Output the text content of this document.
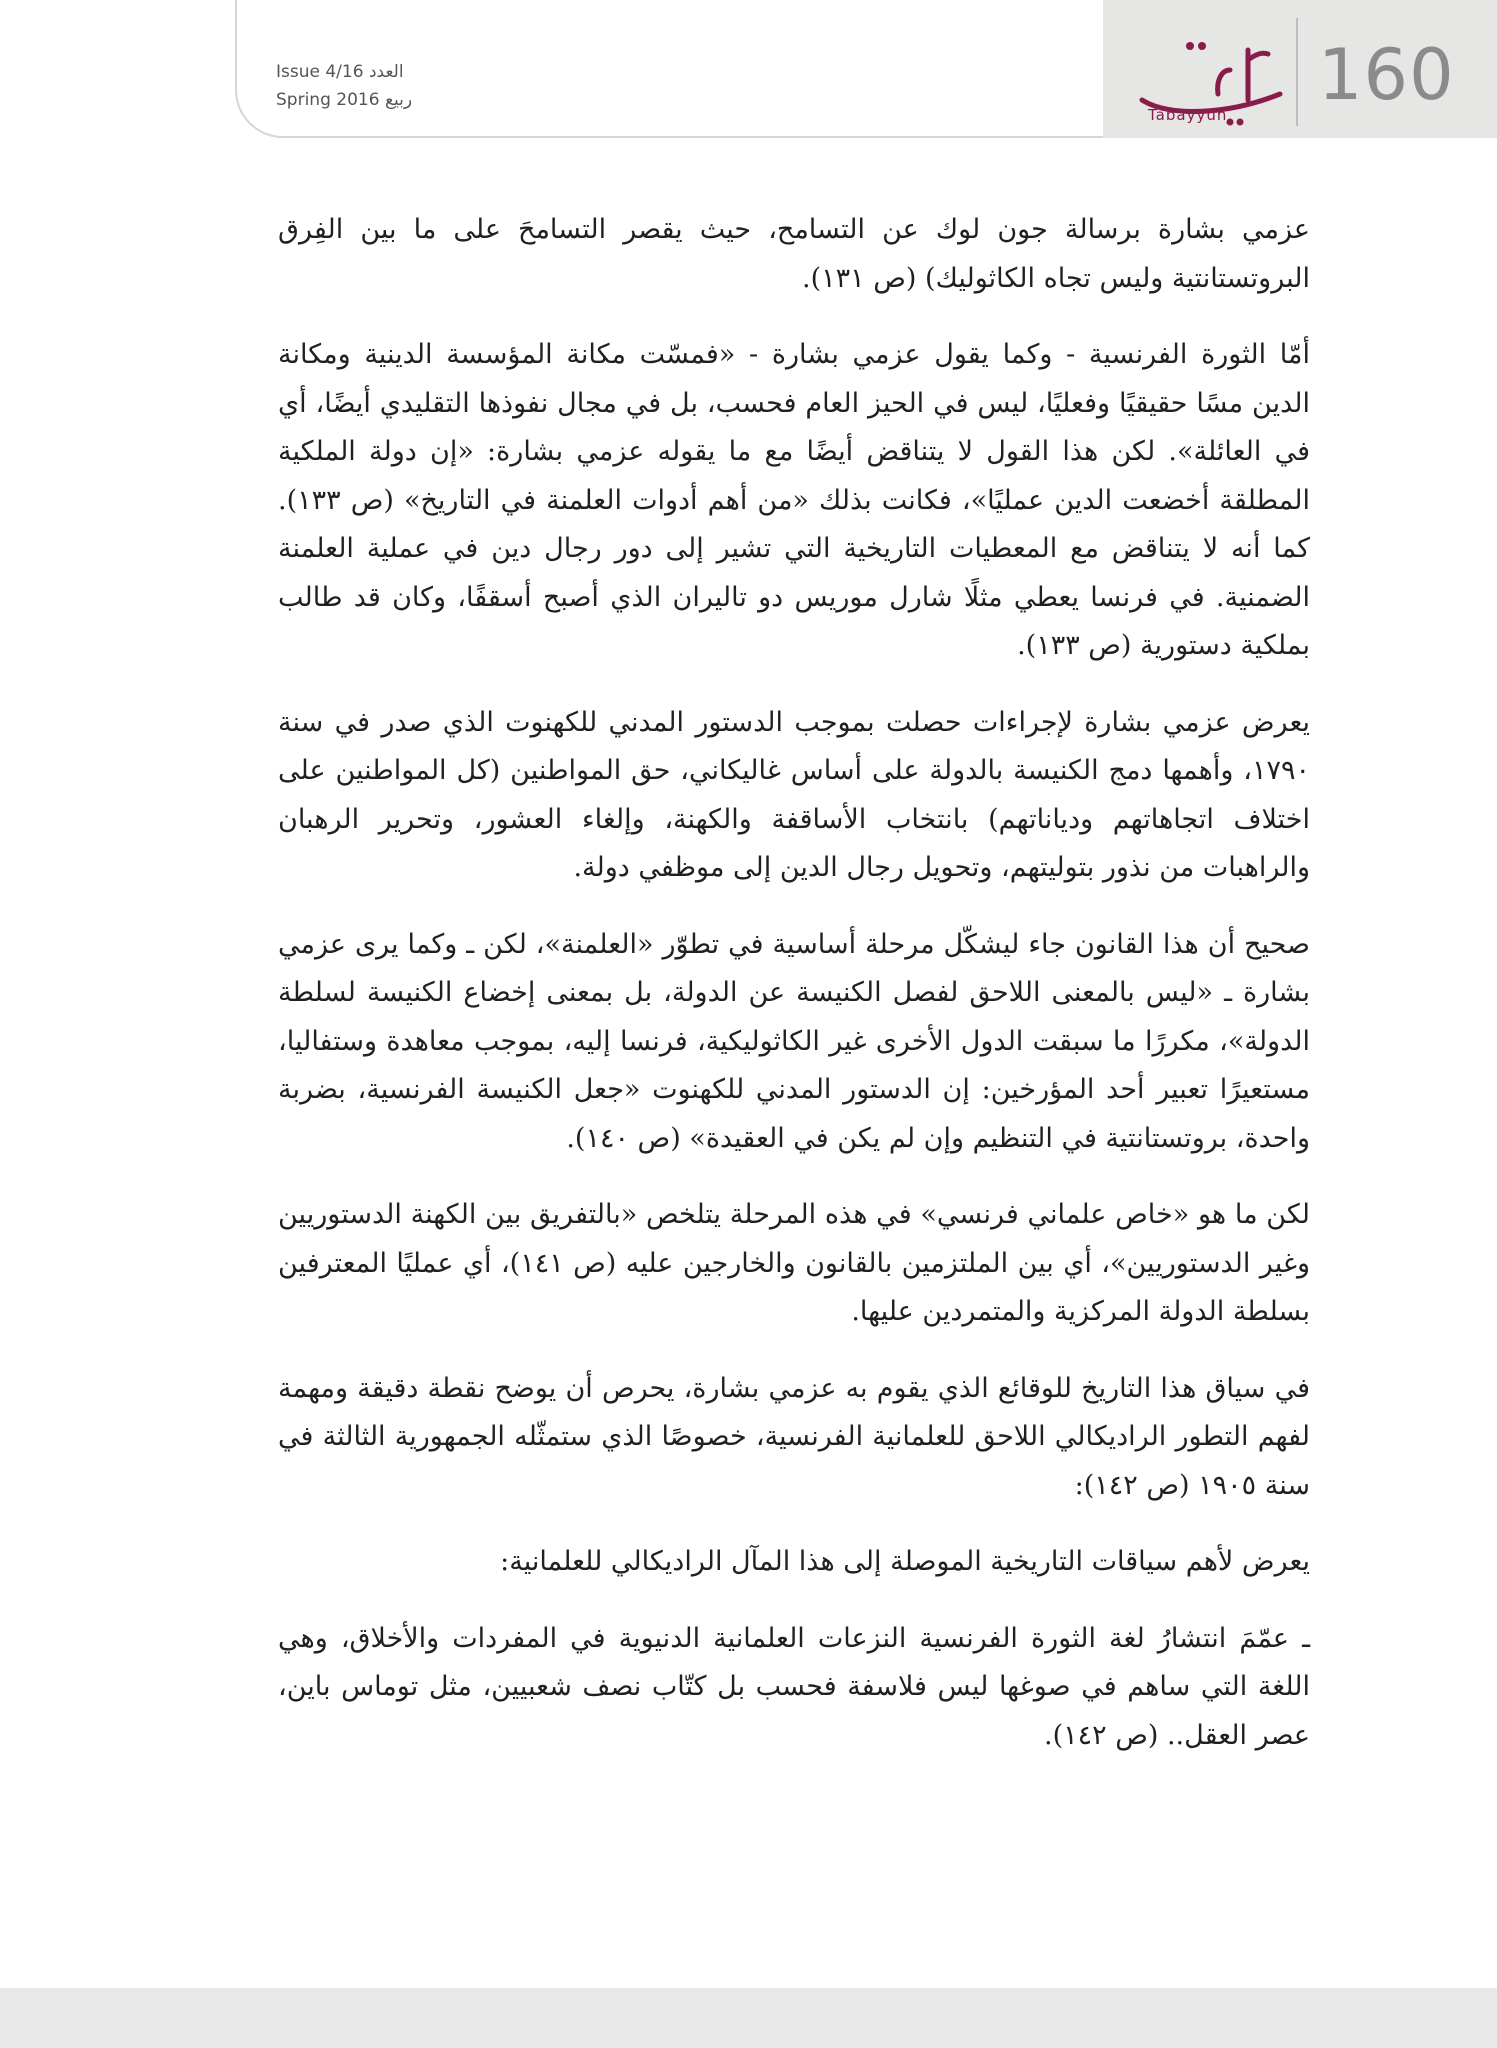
Tabayyun	160
Issue 4/16 العدد
Spring 2016 ربيع

عزمي بشارة برسالة جون لوك عن التسامح، حيث يقصر التسامحَ على ما بين الفِرق البروتستانتية وليس تجاه الكاثوليك) (ص ١٣١).

أمّا الثورة الفرنسية - وكما يقول عزمي بشارة - «فمسّت مكانة المؤسسة الدينية ومكانة الدين مسًا حقيقيًا وفعليًا، ليس في الحيز العام فحسب، بل في مجال نفوذها التقليدي أيضًا، أي في العائلة». لكن هذا القول لا يتناقض أيضًا مع ما يقوله عزمي بشارة: «إن دولة الملكية المطلقة أخضعت الدين عمليًا»، فكانت بذلك «من أهم أدوات العلمنة في التاريخ» (ص ١٣٣). كما أنه لا يتناقض مع المعطيات التاريخية التي تشير إلى دور رجال دين في عملية العلمنة الضمنية. في فرنسا يعطي مثلًا شارل موريس دو تاليران الذي أصبح أسقفًا، وكان قد طالب بملكية دستورية (ص ١٣٣).

يعرض عزمي بشارة لإجراءات حصلت بموجب الدستور المدني للكهنوت الذي صدر في سنة ١٧٩٠، وأهمها دمج الكنيسة بالدولة على أساس غاليكاني، حق المواطنين (كل المواطنين على اختلاف اتجاهاتهم ودياناتهم) بانتخاب الأساقفة والكهنة، وإلغاء العشور، وتحرير الرهبان والراهبات من نذور بتوليتهم، وتحويل رجال الدين إلى موظفي دولة.

صحيح أن هذا القانون جاء ليشكّل مرحلة أساسية في تطوّر «العلمنة»، لكن ـ وكما يرى عزمي بشارة ـ «ليس بالمعنى اللاحق لفصل الكنيسة عن الدولة، بل بمعنى إخضاع الكنيسة لسلطة الدولة»، مكررًا ما سبقت الدول الأخرى غير الكاثوليكية، فرنسا إليه، بموجب معاهدة وستفاليا، مستعيرًا تعبير أحد المؤرخين: إن الدستور المدني للكهنوت «جعل الكنيسة الفرنسية، بضربة واحدة، بروتستانتية في التنظيم وإن لم يكن في العقيدة» (ص ١٤٠).

لكن ما هو «خاص علماني فرنسي» في هذه المرحلة يتلخص «بالتفريق بين الكهنة الدستوريين وغير الدستوريين»، أي بين الملتزمين بالقانون والخارجين عليه (ص ١٤١)، أي عمليًا المعترفين بسلطة الدولة المركزية والمتمردين عليها.

في سياق هذا التاريخ للوقائع الذي يقوم به عزمي بشارة، يحرص أن يوضح نقطة دقيقة ومهمة لفهم التطور الراديكالي اللاحق للعلمانية الفرنسية، خصوصًا الذي ستمثّله الجمهورية الثالثة في سنة ١٩٠٥ (ص ١٤٢):

يعرض لأهم سياقات التاريخية الموصلة إلى هذا المآل الراديكالي للعلمانية:

ـ عمّمَ انتشارُ لغة الثورة الفرنسية النزعات العلمانية الدنيوية في المفردات والأخلاق، وهي اللغة التي ساهم في صوغها ليس فلاسفة فحسب بل كتّاب نصف شعبيين، مثل توماس باين، عصر العقل.. (ص ١٤٢).
